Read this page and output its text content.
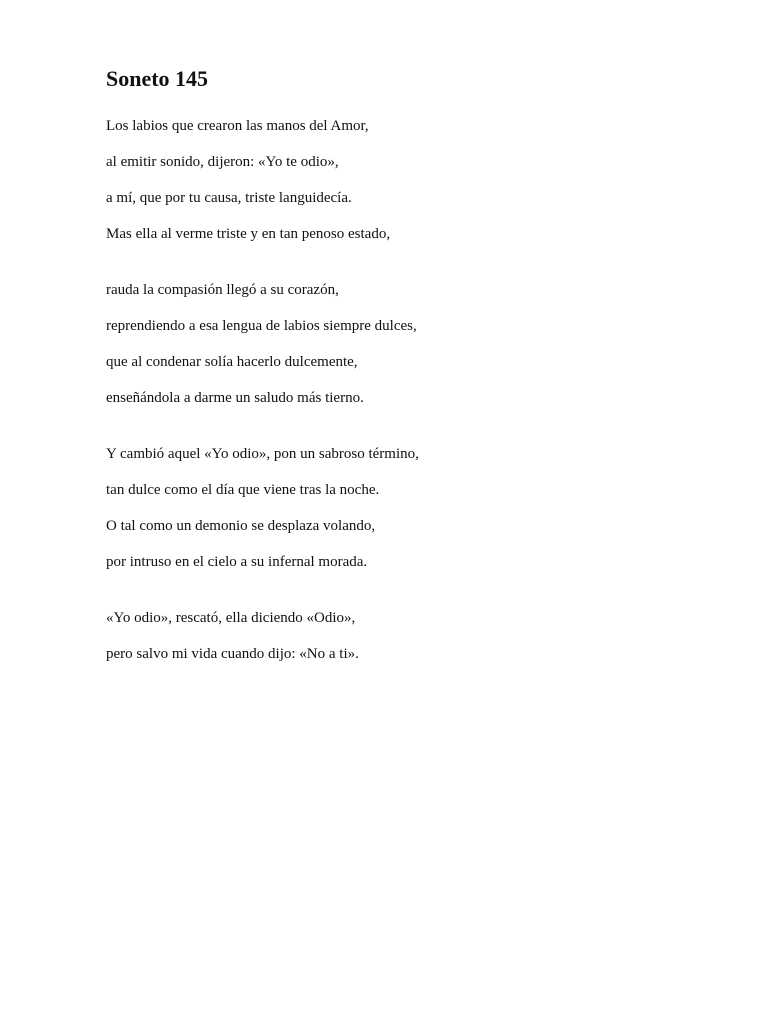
Soneto 145
Los labios que crearon las manos del Amor,
al emitir sonido, dijeron: «Yo te odio»,
a mí, que por tu causa, triste languidecía.
Mas ella al verme triste y en tan penoso estado,
rauda la compasión llegó a su corazón,
reprendiendo a esa lengua de labios siempre dulces,
que al condenar solía hacerlo dulcemente,
enseñándola a darme un saludo más tierno.
Y cambió aquel «Yo odio», pon un sabroso término,
tan dulce como el día que viene tras la noche.
O tal como un demonio se desplaza volando,
por intruso en el cielo a su infernal morada.
«Yo odio», rescató, ella diciendo «Odio»,
pero salvo mi vida cuando dijo: «No a ti».
